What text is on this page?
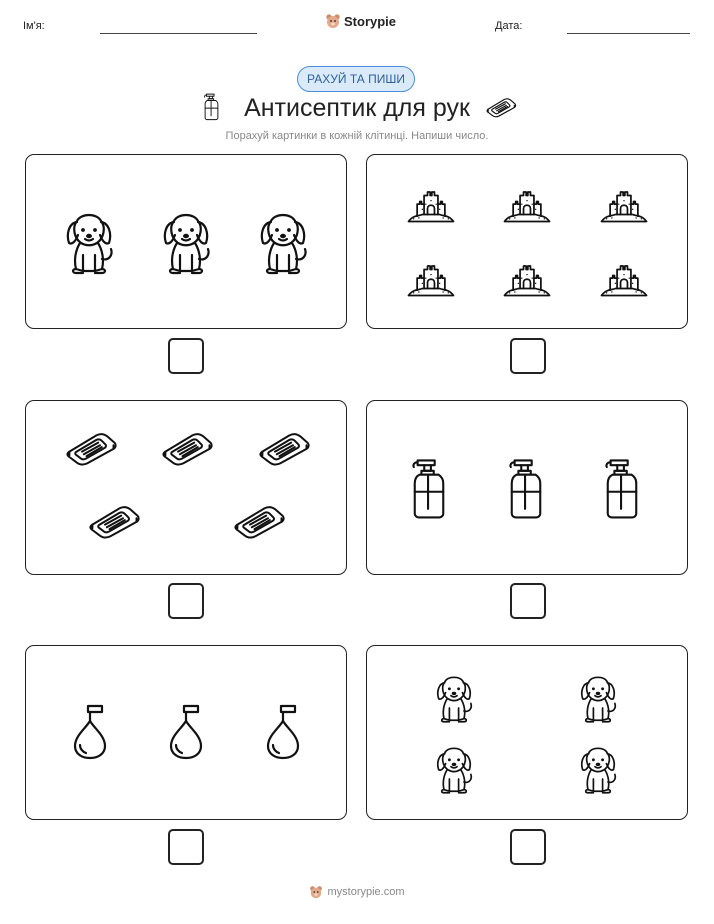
Ім'я:	Storypie	Дата:
РАХУЙ ТА ПИШИ
Антисептик для рук
Порахуй картинки в кожній клітинці. Напиши число.
mystorypie.com
